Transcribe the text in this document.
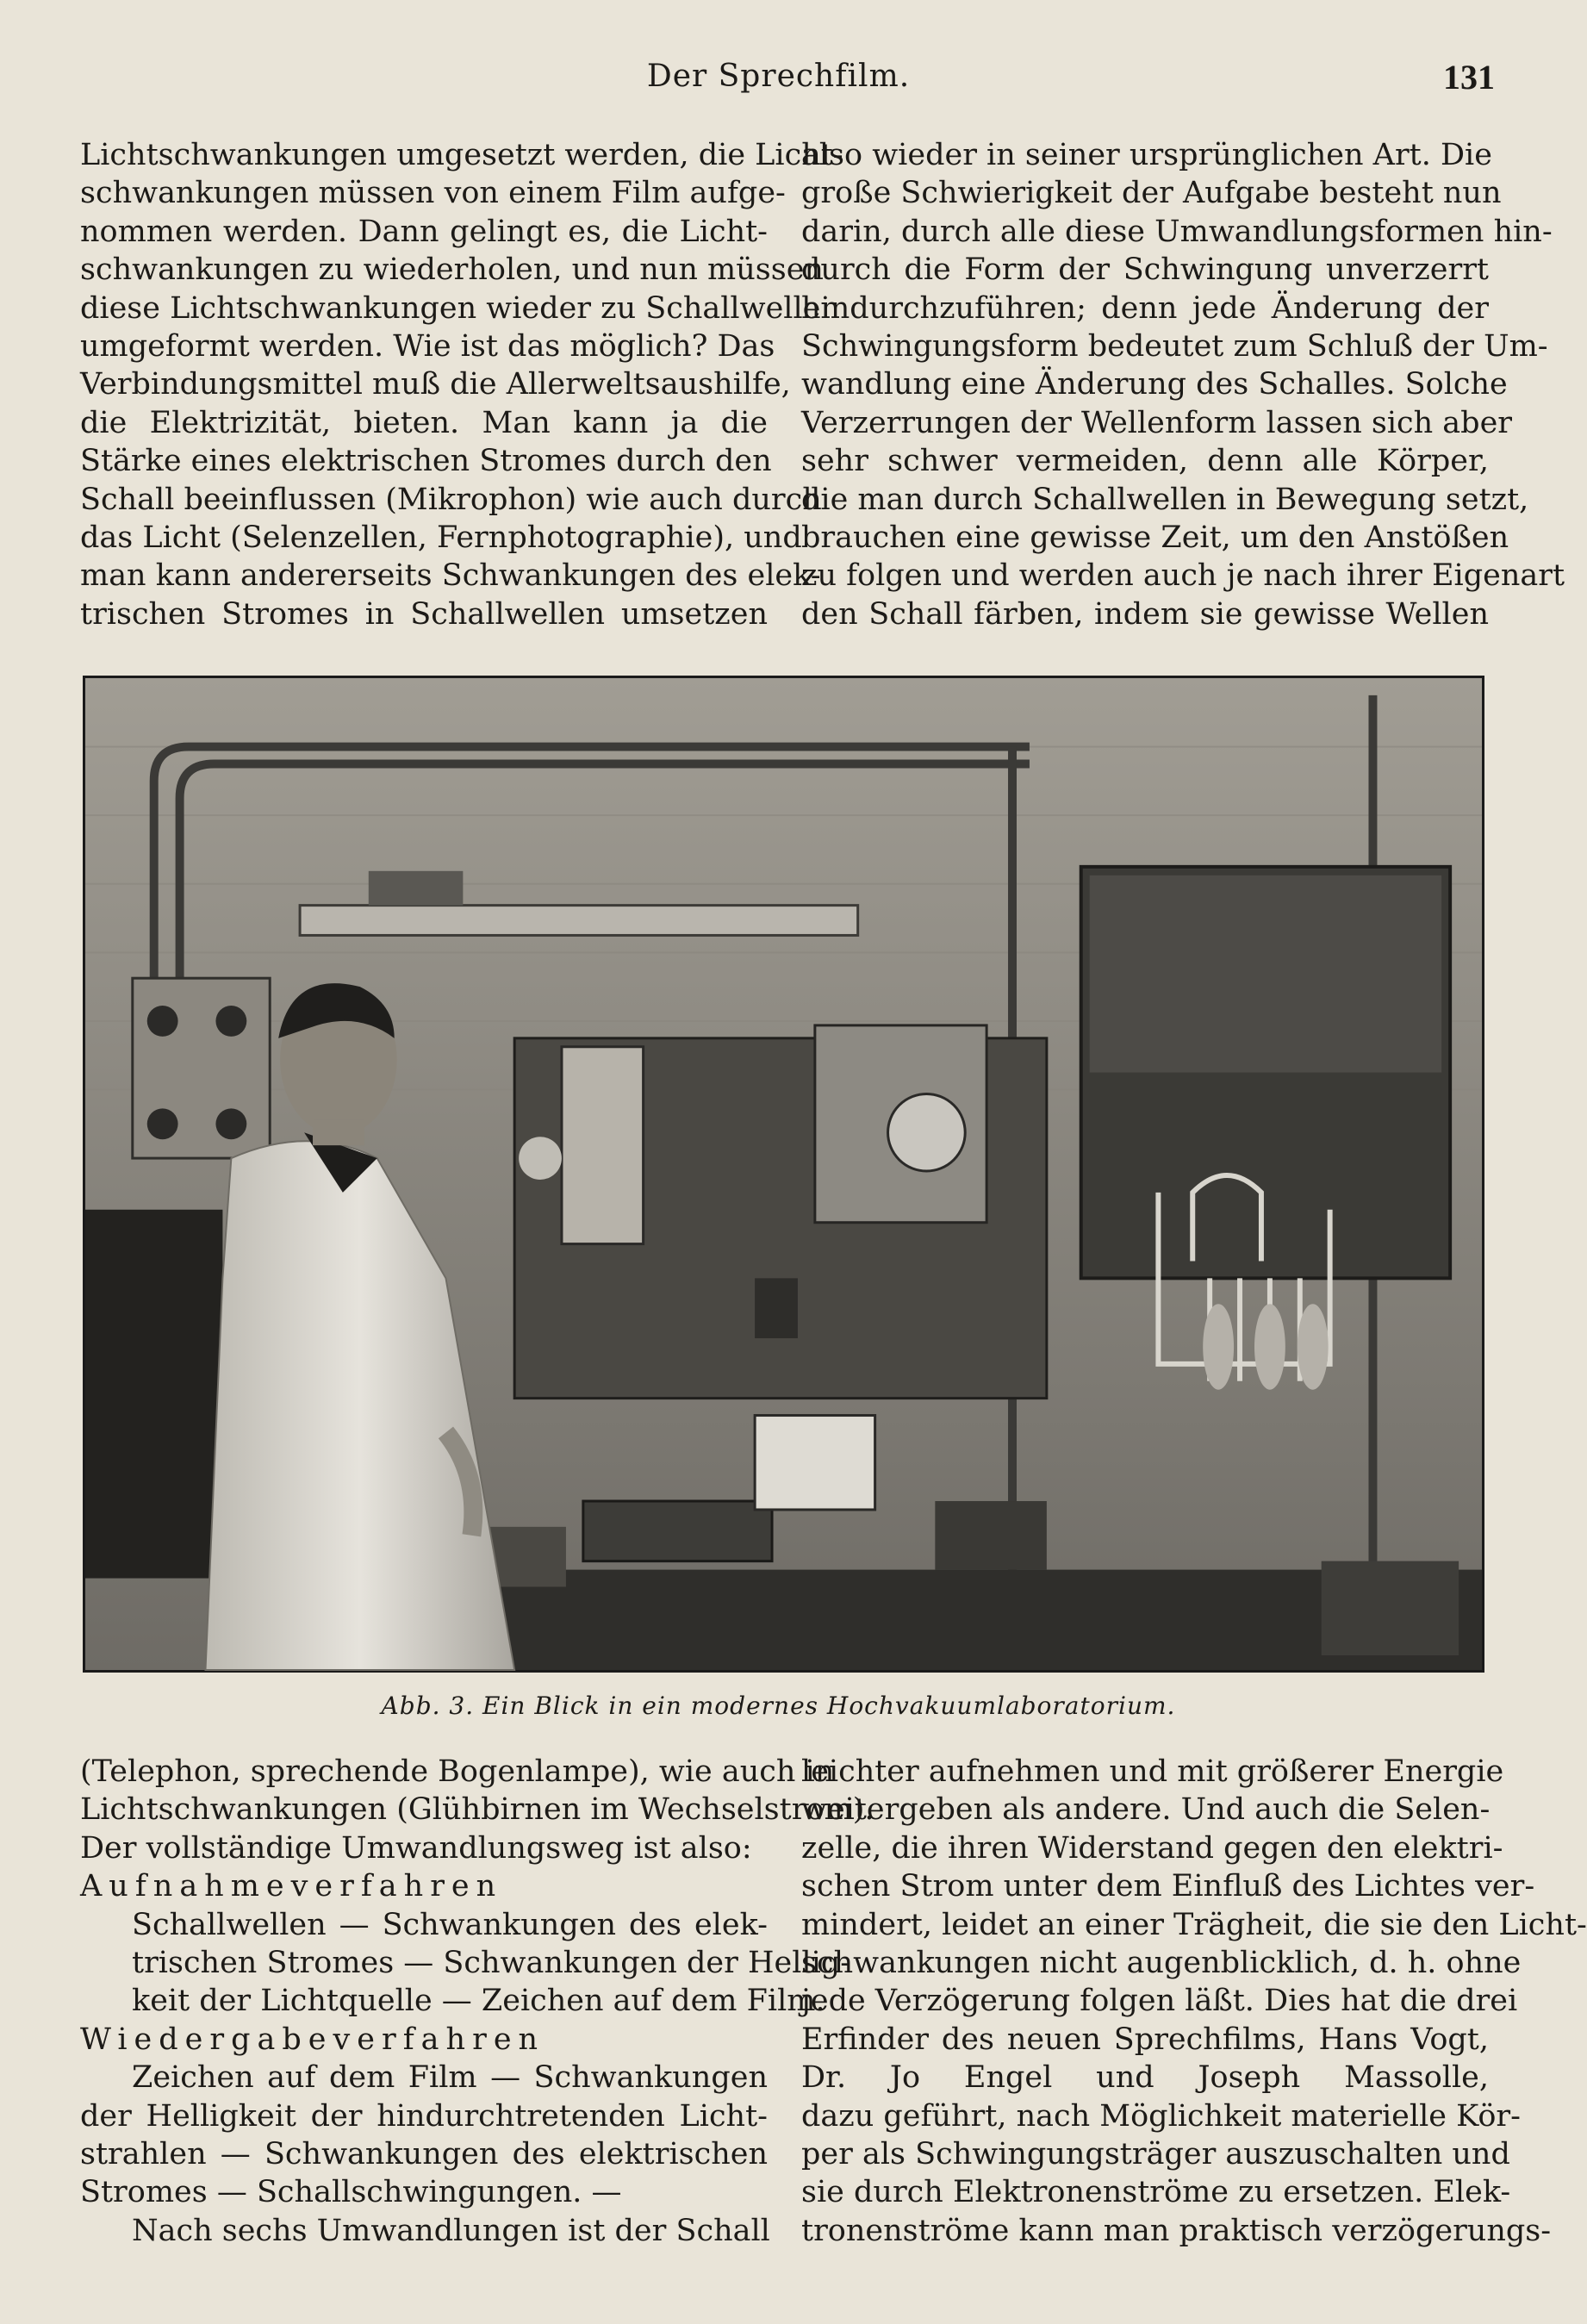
Der Sprechfilm.	131
Lichtschwankungen umgesetzt werden, die Licht-
schwankungen müssen von einem Film aufge-
nommen werden. Dann gelingt es, die Licht-
schwankungen zu wiederholen, und nun müssen
diese Lichtschwankungen wieder zu Schallwellen
umgeformt werden. Wie ist das möglich? Das
Verbindungsmittel muß die Allerweltsaushilfe,
die Elektrizität, bieten. Man kann ja die
Stärke eines elektrischen Stromes durch den
Schall beeinflussen (Mikrophon) wie auch durch
das Licht (Selenzellen, Fernphotographie), und
man kann andererseits Schwankungen des elek-
trischen Stromes in Schallwellen umsetzen
also wieder in seiner ursprünglichen Art. Die
große Schwierigkeit der Aufgabe besteht nun
darin, durch alle diese Umwandlungsformen hin-
durch die Form der Schwingung unverzerrt
hindurchzuführen; denn jede Änderung der
Schwingungsform bedeutet zum Schluß der Um-
wandlung eine Änderung des Schalles. Solche
Verzerrungen der Wellenform lassen sich aber
sehr schwer vermeiden, denn alle Körper,
die man durch Schallwellen in Bewegung setzt,
brauchen eine gewisse Zeit, um den Anstößen
zu folgen und werden auch je nach ihrer Eigenart
den Schall färben, indem sie gewisse Wellen
Abb. 3. Ein Blick in ein modernes Hochvakuumlaboratorium.
(Telephon, sprechende Bogenlampe), wie auch in
Lichtschwankungen (Glühbirnen im Wechselstrom).
Der vollständige Umwandlungsweg ist also:
Aufnahmeverfahren
Schallwellen — Schwankungen des elek-
trischen Stromes — Schwankungen der Hellig-
keit der Lichtquelle — Zeichen auf dem Film.
Wiedergabeverfahren
Zeichen auf dem Film — Schwankungen
der Helligkeit der hindurchtretenden Licht-
strahlen — Schwankungen des elektrischen
Stromes — Schallschwingungen. —
Nach sechs Umwandlungen ist der Schall
leichter aufnehmen und mit größerer Energie
weitergeben als andere. Und auch die Selen-
zelle, die ihren Widerstand gegen den elektri-
schen Strom unter dem Einfluß des Lichtes ver-
mindert, leidet an einer Trägheit, die sie den Licht-
schwankungen nicht augenblicklich, d. h. ohne
jede Verzögerung folgen läßt. Dies hat die drei
Erfinder des neuen Sprechfilms, Hans Vogt,
Dr. Jo Engel und Joseph Massolle,
dazu geführt, nach Möglichkeit materielle Kör-
per als Schwingungsträger auszuschalten und
sie durch Elektronenströme zu ersetzen. Elek-
tronenströme kann man praktisch verzögerungs-
